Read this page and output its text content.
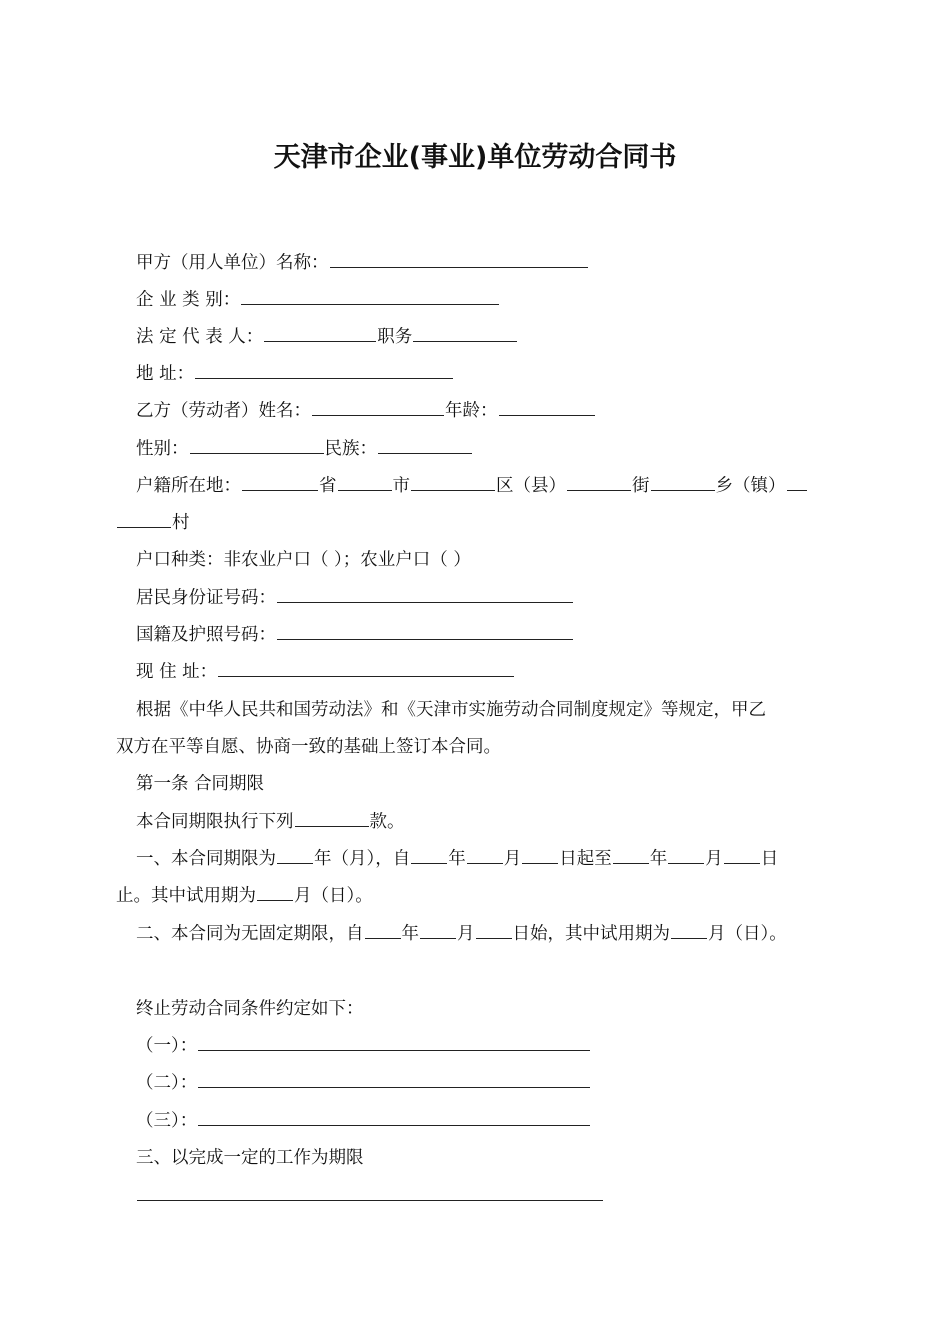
天津市企业(事业)单位劳动合同书
甲方（用人单位）名称：
企 业 类 别：
法 定 代 表 人：	职务
地 址：
乙方（劳动者）姓名：	年龄：
性别：	民族：
户籍所在地：	省	市	区（县）	街	乡（镇）
村
户口种类：非农业户口（ ）；农业户口（ ）
居民身份证号码：
国籍及护照号码：
现 住 址：
根据《中华人民共和国劳动法》和《天津市实施劳动合同制度规定》等规定，甲乙
双方在平等自愿、协商一致的基础上签订本合同。
第一条 合同期限
本合同期限执行下列	款。
一、本合同期限为 年（月），自 年 月 日起至 年 月 日
止。其中试用期为 月（日）。
二、本合同为无固定期限，自 年 月 日始，其中试用期为 月（日）。
终止劳动合同条件约定如下：
（一）：
（二）：
（三）：
三、以完成一定的工作为期限
